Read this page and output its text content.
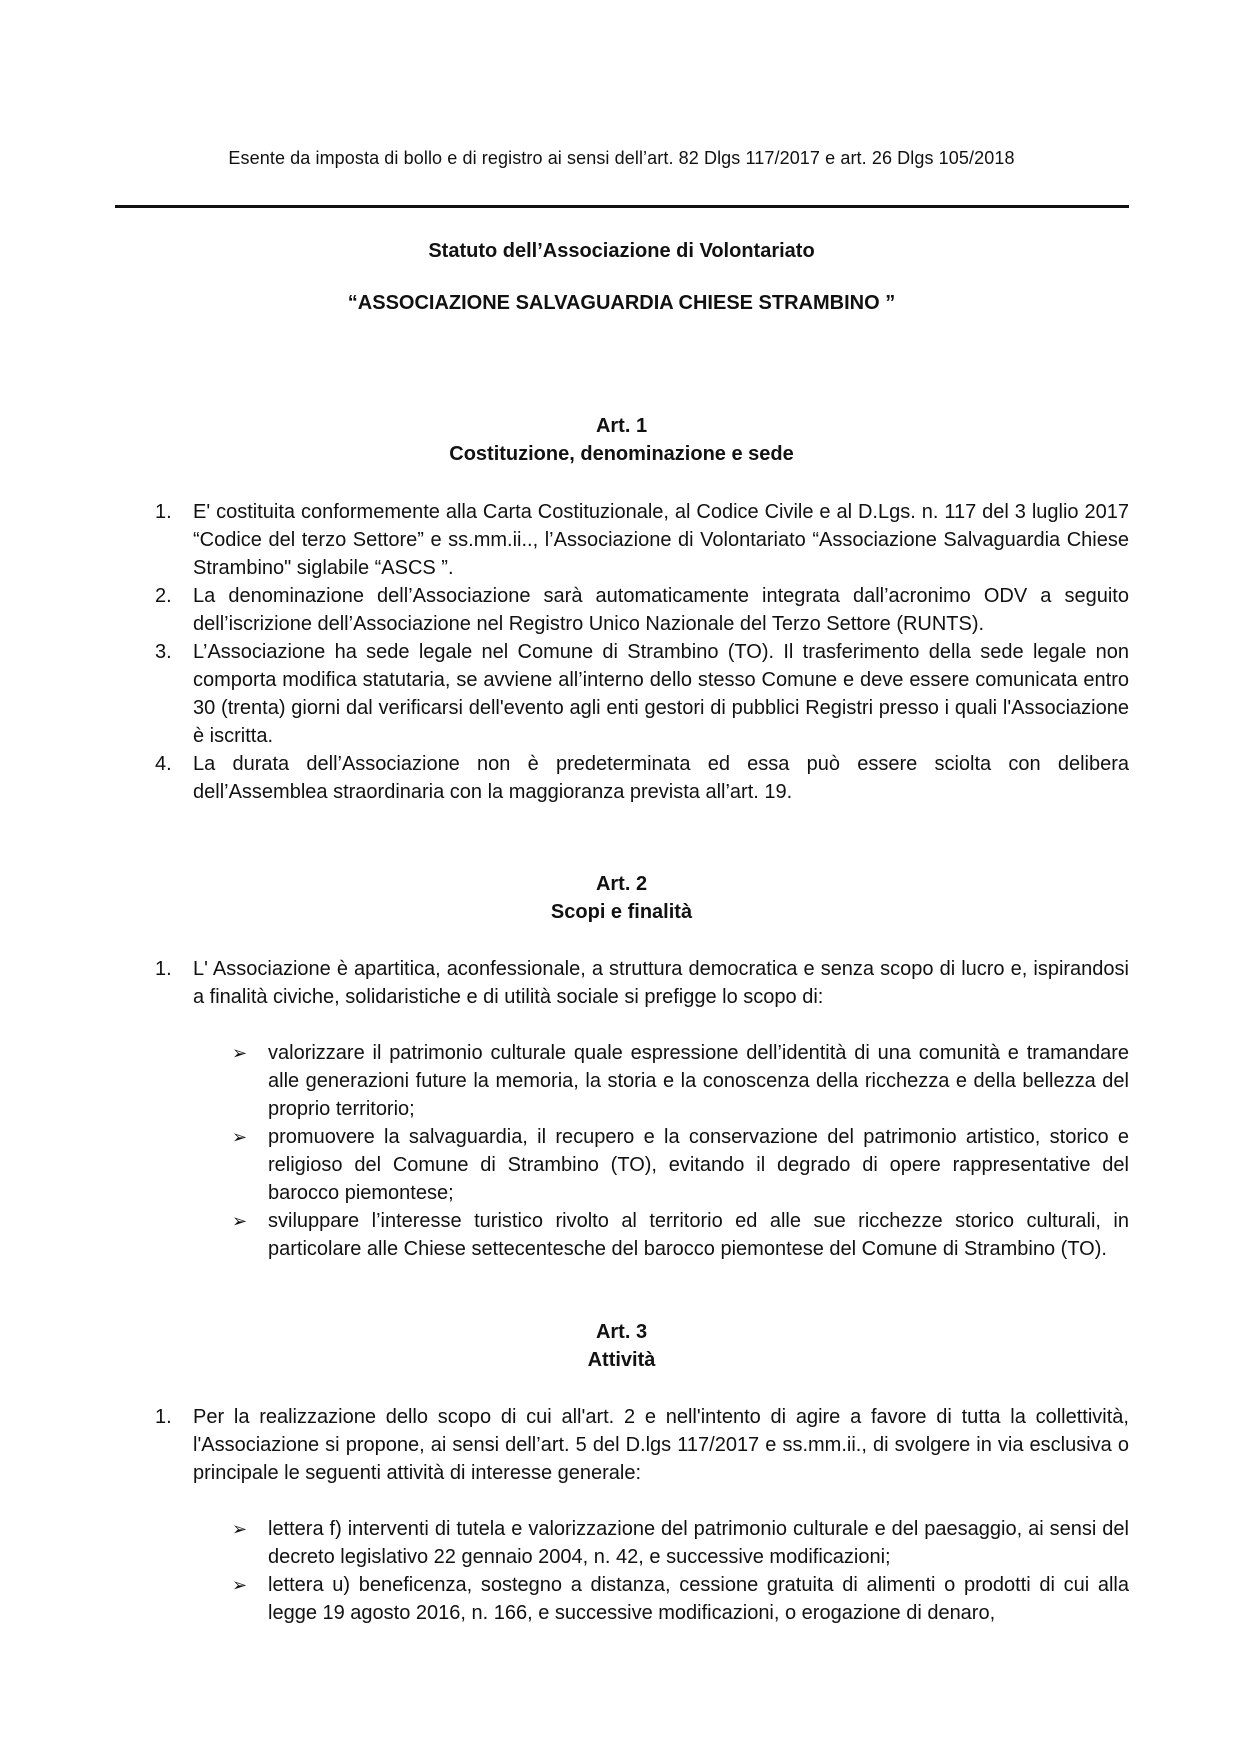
Esente da imposta di bollo e di registro ai sensi dell’art. 82 Dlgs 117/2017 e art. 26 Dlgs 105/2018
Statuto dell’Associazione di Volontariato
“ASSOCIAZIONE SALVAGUARDIA CHIESE STRAMBINO ”
Art. 1
Costituzione, denominazione e sede
1. E' costituita conformemente alla Carta Costituzionale, al Codice Civile e al D.Lgs. n. 117 del 3 luglio 2017 “Codice del terzo Settore” e ss.mm.ii.., l’Associazione di Volontariato “Associazione Salvaguardia Chiese Strambino" siglabile “ASCS ”.
2. La denominazione dell’Associazione sarà automaticamente integrata dall’acronimo ODV a seguito dell’iscrizione dell’Associazione nel Registro Unico Nazionale del Terzo Settore (RUNTS).
3. L’Associazione ha sede legale nel Comune di Strambino (TO). Il trasferimento della sede legale non comporta modifica statutaria, se avviene all’interno dello stesso Comune e deve essere comunicata entro 30 (trenta) giorni dal verificarsi dell'evento agli enti gestori di pubblici Registri presso i quali l'Associazione è iscritta.
4. La durata dell’Associazione non è predeterminata ed essa può essere sciolta con delibera dell’Assemblea straordinaria con la maggioranza prevista all’art. 19.
Art. 2
Scopi e finalità
1. L' Associazione è apartitica, aconfessionale, a struttura democratica e senza scopo di lucro e, ispirandosi a finalità civiche, solidaristiche e di utilità sociale si prefigge lo scopo di:
➢ valorizzare il patrimonio culturale quale espressione dell’identità di una comunità e tramandare alle generazioni future la memoria, la storia e la conoscenza della ricchezza e della bellezza del proprio territorio;
➢ promuovere la salvaguardia, il recupero e la conservazione del patrimonio artistico, storico e religioso del Comune di Strambino (TO), evitando il degrado di opere rappresentative del barocco piemontese;
➢ sviluppare l’interesse turistico rivolto al territorio ed alle sue ricchezze storico culturali, in particolare alle Chiese settecentesche del barocco piemontese del Comune di Strambino (TO).
Art. 3
Attività
1. Per la realizzazione dello scopo di cui all'art. 2 e nell'intento di agire a favore di tutta la collettività, l'Associazione si propone, ai sensi dell’art. 5 del D.lgs 117/2017 e ss.mm.ii., di svolgere in via esclusiva o principale le seguenti attività di interesse generale:
➢ lettera f) interventi di tutela e valorizzazione del patrimonio culturale e del paesaggio, ai sensi del decreto legislativo 22 gennaio 2004, n. 42, e successive modificazioni;
➢ lettera u) beneficenza, sostegno a distanza, cessione gratuita di alimenti o prodotti di cui alla legge 19 agosto 2016, n. 166, e successive modificazioni, o erogazione di denaro,
